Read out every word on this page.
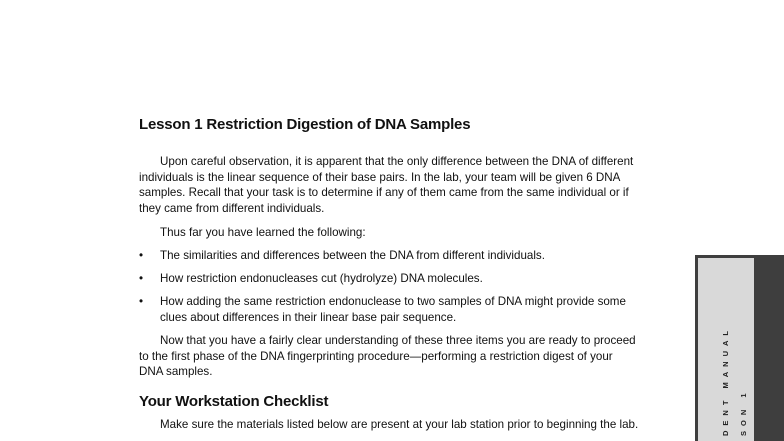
Lesson 1 Restriction Digestion of DNA Samples

Upon careful observation, it is apparent that the only difference between the DNA of different individuals is the linear sequence of their base pairs. In the lab, your team will be given 6 DNA samples. Recall that your task is to determine if any of them came from the same individual or if they came from different individuals.

Thus far you have learned the following:

• The similarities and differences between the DNA from different individuals.
• How restriction endonucleases cut (hydrolyze) DNA molecules.
• How adding the same restriction endonuclease to two samples of DNA might provide some clues about differences in their linear base pair sequence.

Now that you have a fairly clear understanding of these three items you are ready to proceed to the first phase of the DNA fingerprinting procedure—performing a restriction digest of your DNA samples.

Your Workstation Checklist

Make sure the materials listed below are present at your lab station prior to beginning the lab.	DENT MANUAL SON 1
